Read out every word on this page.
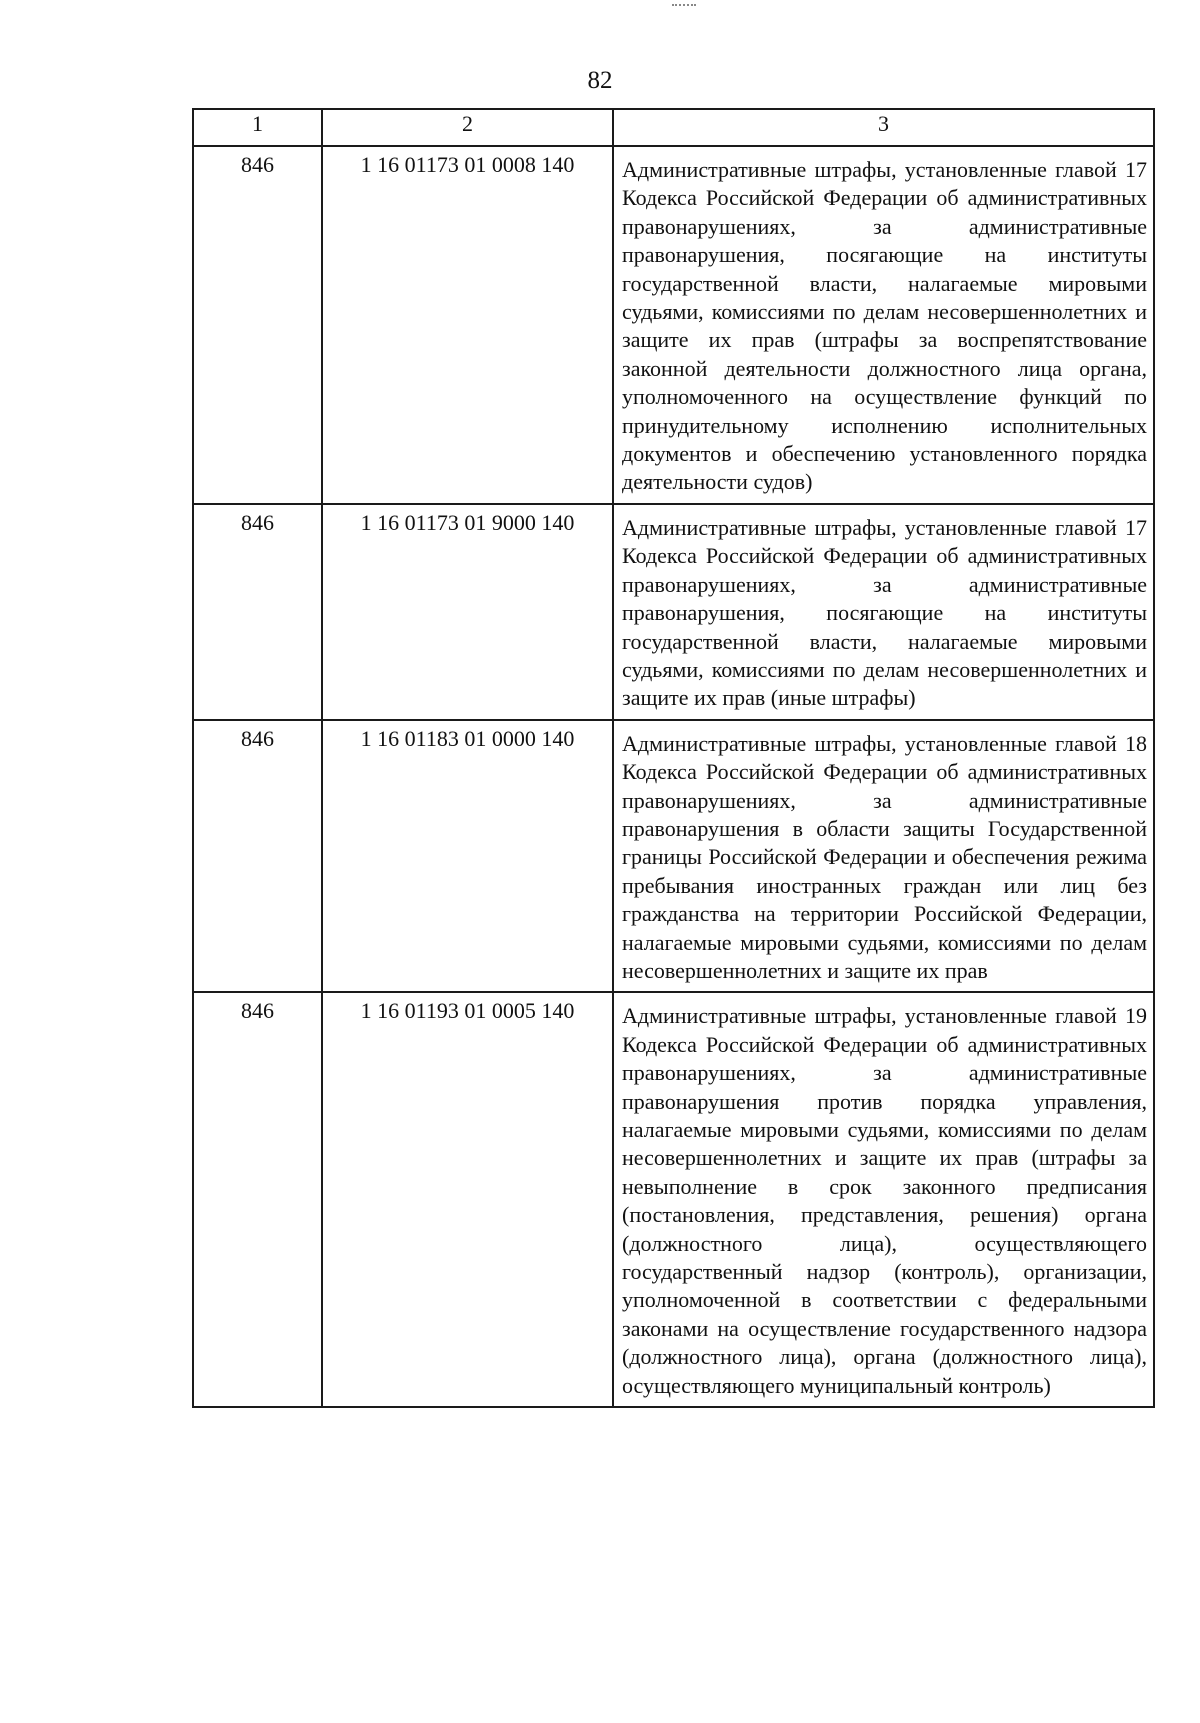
82
1	2	3
846	1 16 01173 01 0008 140	Административные штрафы, установленные главой 17 Кодекса Российской Федерации об административных правонарушениях, за административные правонарушения, посягающие на институты государственной власти, налагаемые мировыми судьями, комиссиями по делам несовершеннолетних и защите их прав (штрафы за воспрепятствование законной деятельности должностного лица органа, уполномоченного на осуществление функций по принудительному исполнению исполнительных документов и обеспечению установленного порядка деятельности судов)
846	1 16 01173 01 9000 140	Административные штрафы, установленные главой 17 Кодекса Российской Федерации об административных правонарушениях, за административные правонарушения, посягающие на институты государственной власти, налагаемые мировыми судьями, комиссиями по делам несовершеннолетних и защите их прав (иные штрафы)
846	1 16 01183 01 0000 140	Административные штрафы, установленные главой 18 Кодекса Российской Федерации об административных правонарушениях, за административные правонарушения в области защиты Государственной границы Российской Федерации и обеспечения режима пребывания иностранных граждан или лиц без гражданства на территории Российской Федерации, налагаемые мировыми судьями, комиссиями по делам несовершеннолетних и защите их прав
846	1 16 01193 01 0005 140	Административные штрафы, установленные главой 19 Кодекса Российской Федерации об административных правонарушениях, за административные правонарушения против порядка управления, налагаемые мировыми судьями, комиссиями по делам несовершеннолетних и защите их прав (штрафы за невыполнение в срок законного предписания (постановления, представления, решения) органа (должностного лица), осуществляющего государственный надзор (контроль), организации, уполномоченной в соответствии с федеральными законами на осуществление государственного надзора (должностного лица), органа (должностного лица), осуществляющего муниципальный контроль)
